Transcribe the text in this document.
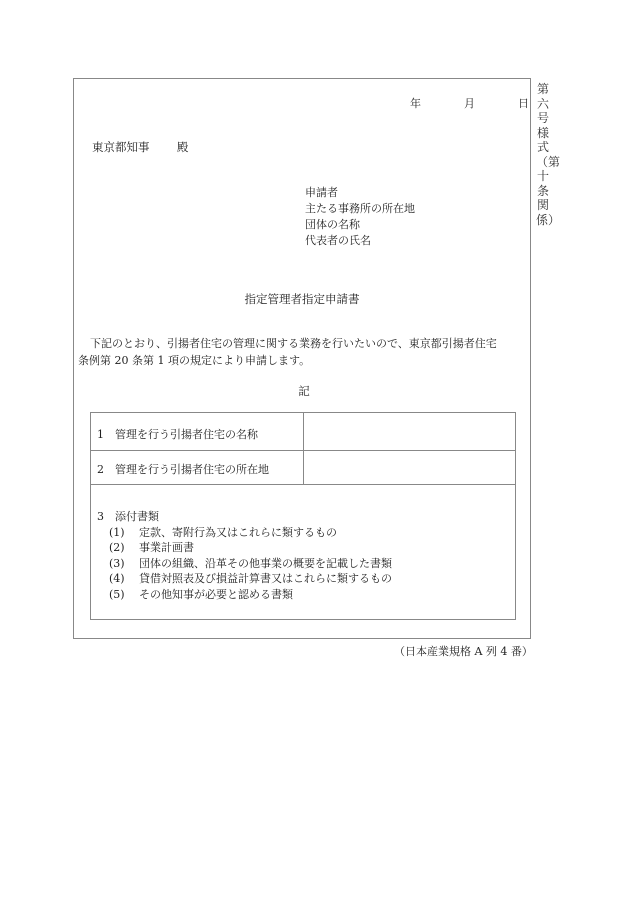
第六号様式（第十条関係）
年	月	日
東京都知事 殿
申請者
主たる事務所の所在地
団体の名称
代表者の氏名
指定管理者指定申請書

下記のとおり、引揚者住宅の管理に関する業務を行いたいので、東京都引揚者住宅

条例第 20 条第 1 項の規定により申請します。

記
1　管理を行う引揚者住宅の名称
2　管理を行う引揚者住宅の所在地
3　添付書類
(1) 定款、寄附行為又はこれらに類するもの
(2) 事業計画書
(3) 団体の組織、沿革その他事業の概要を記載した書類
(4) 貸借対照表及び損益計算書又はこれらに類するもの
(5) その他知事が必要と認める書類
（日本産業規格 A 列 4 番）
